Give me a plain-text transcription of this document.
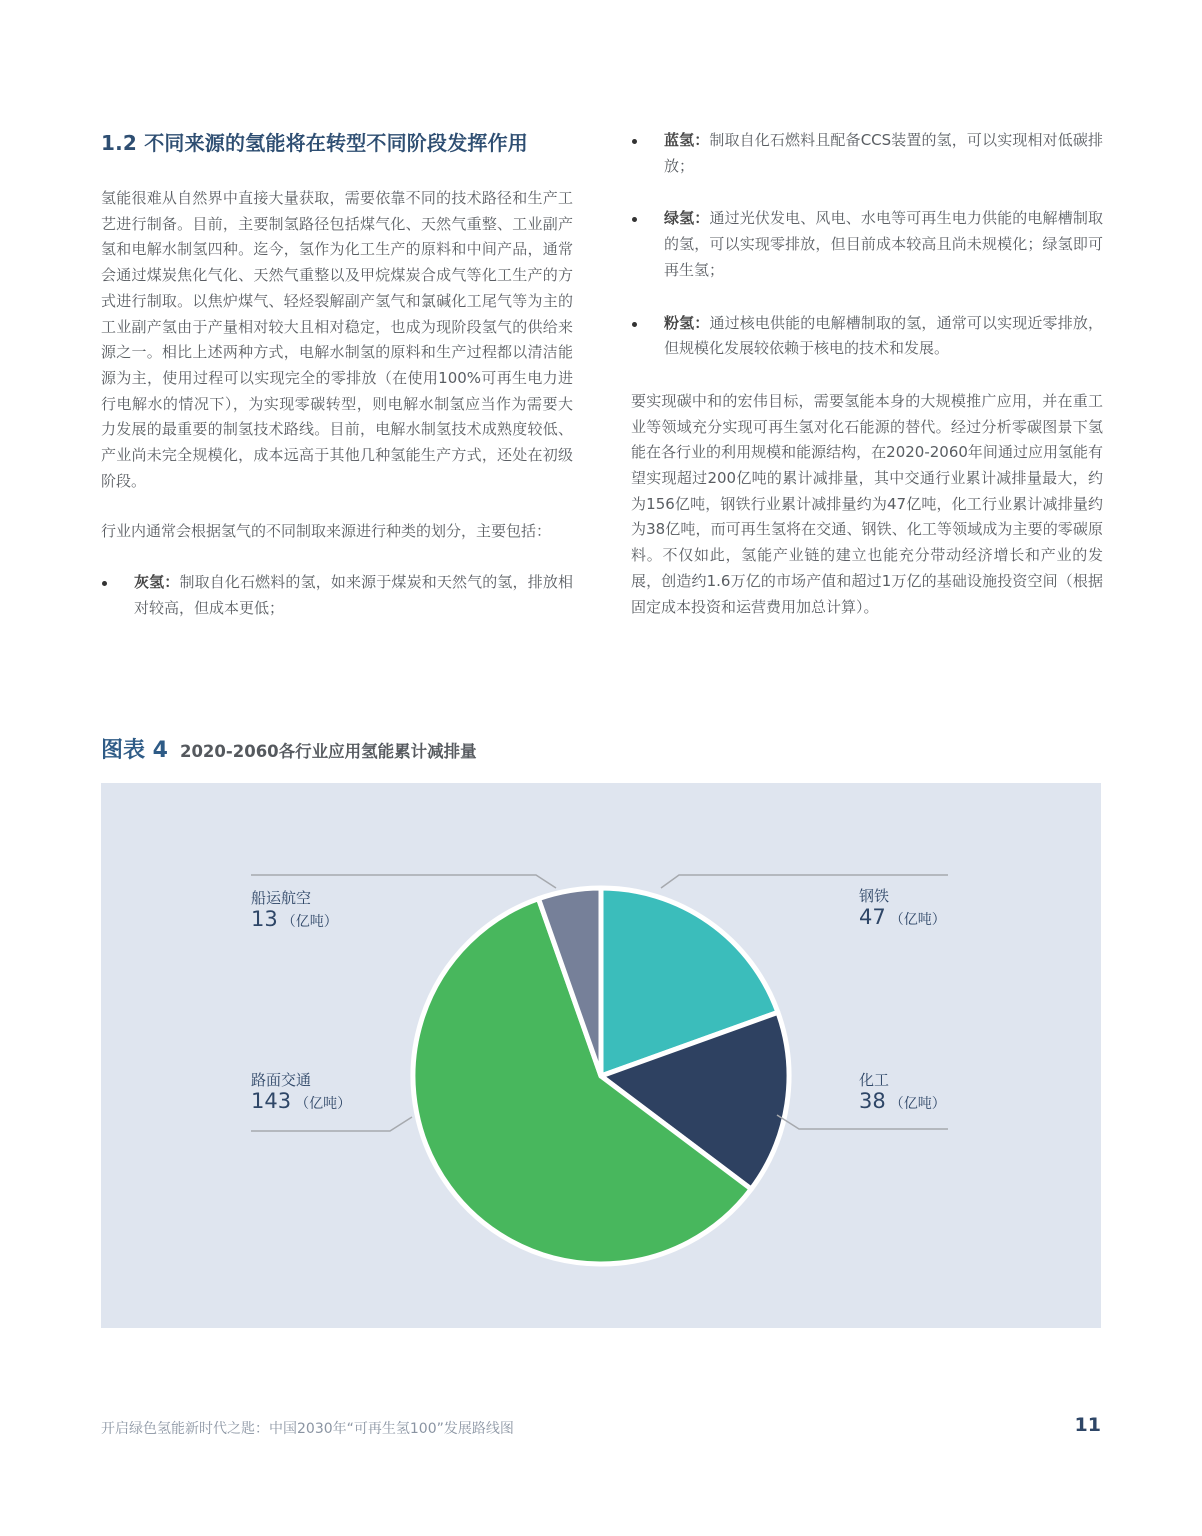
1.2 不同来源的氢能将在转型不同阶段发挥作用

氢能很难从自然界中直接大量获取，需要依靠不同的技术路径和生产工艺进行制备。目前，主要制氢路径包括煤气化、天然气重整、工业副产氢和电解水制氢四种。迄今，氢作为化工生产的原料和中间产品，通常会通过煤炭焦化气化、天然气重整以及甲烷煤炭合成气等化工生产的方式进行制取。以焦炉煤气、轻烃裂解副产氢气和氯碱化工尾气等为主的工业副产氢由于产量相对较大且相对稳定，也成为现阶段氢气的供给来源之一。相比上述两种方式，电解水制氢的原料和生产过程都以清洁能源为主，使用过程可以实现完全的零排放（在使用100%可再生电力进行电解水的情况下），为实现零碳转型，则电解水制氢应当作为需要大力发展的最重要的制氢技术路线。目前，电解水制氢技术成熟度较低、产业尚未完全规模化，成本远高于其他几种氢能生产方式，还处在初级阶段。

行业内通常会根据氢气的不同制取来源进行种类的划分，主要包括：

灰氢：制取自化石燃料的氢，如来源于煤炭和天然气的氢，排放相对较高，但成本更低；
蓝氢：制取自化石燃料且配备CCS装置的氢，可以实现相对低碳排放；
绿氢：通过光伏发电、风电、水电等可再生电力供能的电解槽制取的氢，可以实现零排放，但目前成本较高且尚未规模化；绿氢即可再生氢；
粉氢：通过核电供能的电解槽制取的氢，通常可以实现近零排放，但规模化发展较依赖于核电的技术和发展。

要实现碳中和的宏伟目标，需要氢能本身的大规模推广应用，并在重工业等领域充分实现可再生氢对化石能源的替代。经过分析零碳图景下氢能在各行业的利用规模和能源结构，在2020-2060年间通过应用氢能有望实现超过200亿吨的累计减排量，其中交通行业累计减排量最大，约为156亿吨，钢铁行业累计减排量约为47亿吨，化工行业累计减排量约为38亿吨，而可再生氢将在交通、钢铁、化工等领域成为主要的零碳原料。不仅如此，氢能产业链的建立也能充分带动经济增长和产业的发展，创造约1.6万亿的市场产值和超过1万亿的基础设施投资空间（根据固定成本投资和运营费用加总计算）。

图表 4 2020-2060各行业应用氢能累计减排量
船运航空
13 （亿吨）
钢铁
47 （亿吨）
路面交通
143 （亿吨）
化工
38 （亿吨）
开启绿色氢能新时代之匙：中国2030年“可再生氢100”发展路线图	11
